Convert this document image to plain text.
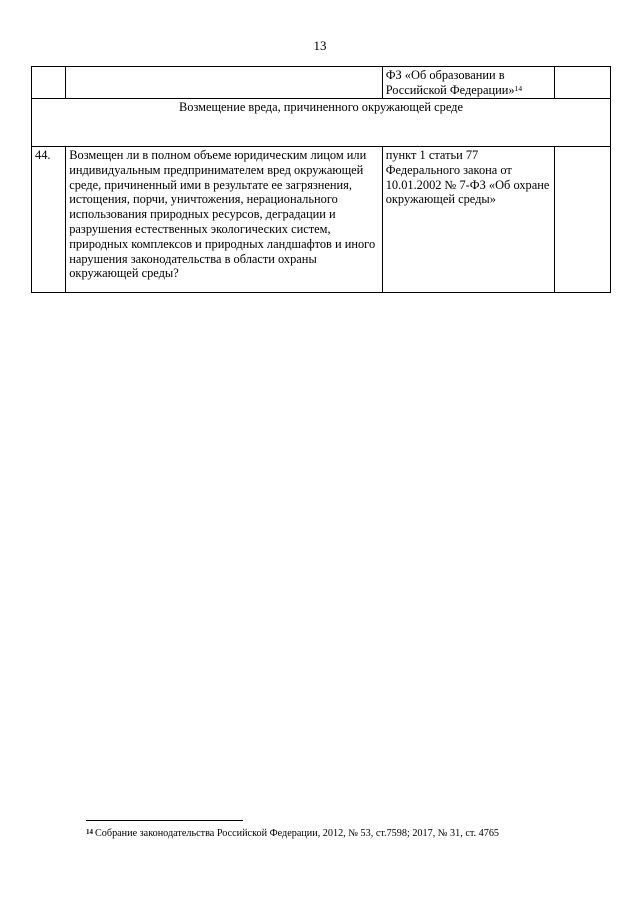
13
		ФЗ «Об образовании в Российской Федерации»$^{14}$	
Возмещение вреда, причиненного окружающей среде			
44.	Возмещен ли в полном объеме юридическим лицом или индивидуальным предпринимателем вред окружающей среде, причиненный ими в результате ее загрязнения, истощения, порчи, уничтожения, нерационального использования природных ресурсов, деградации и разрушения естественных экологических систем, природных комплексов и природных ландшафтов и иного нарушения законодательства в области охраны окружающей среды?	пункт 1 статьи 77 Федерального закона от 10.01.2002 № 7-ФЗ «Об охране окружающей среды»	
$^{14}$ Собрание законодательства Российской Федерации, 2012, № 53, ст.7598; 2017, № 31, ст. 4765
